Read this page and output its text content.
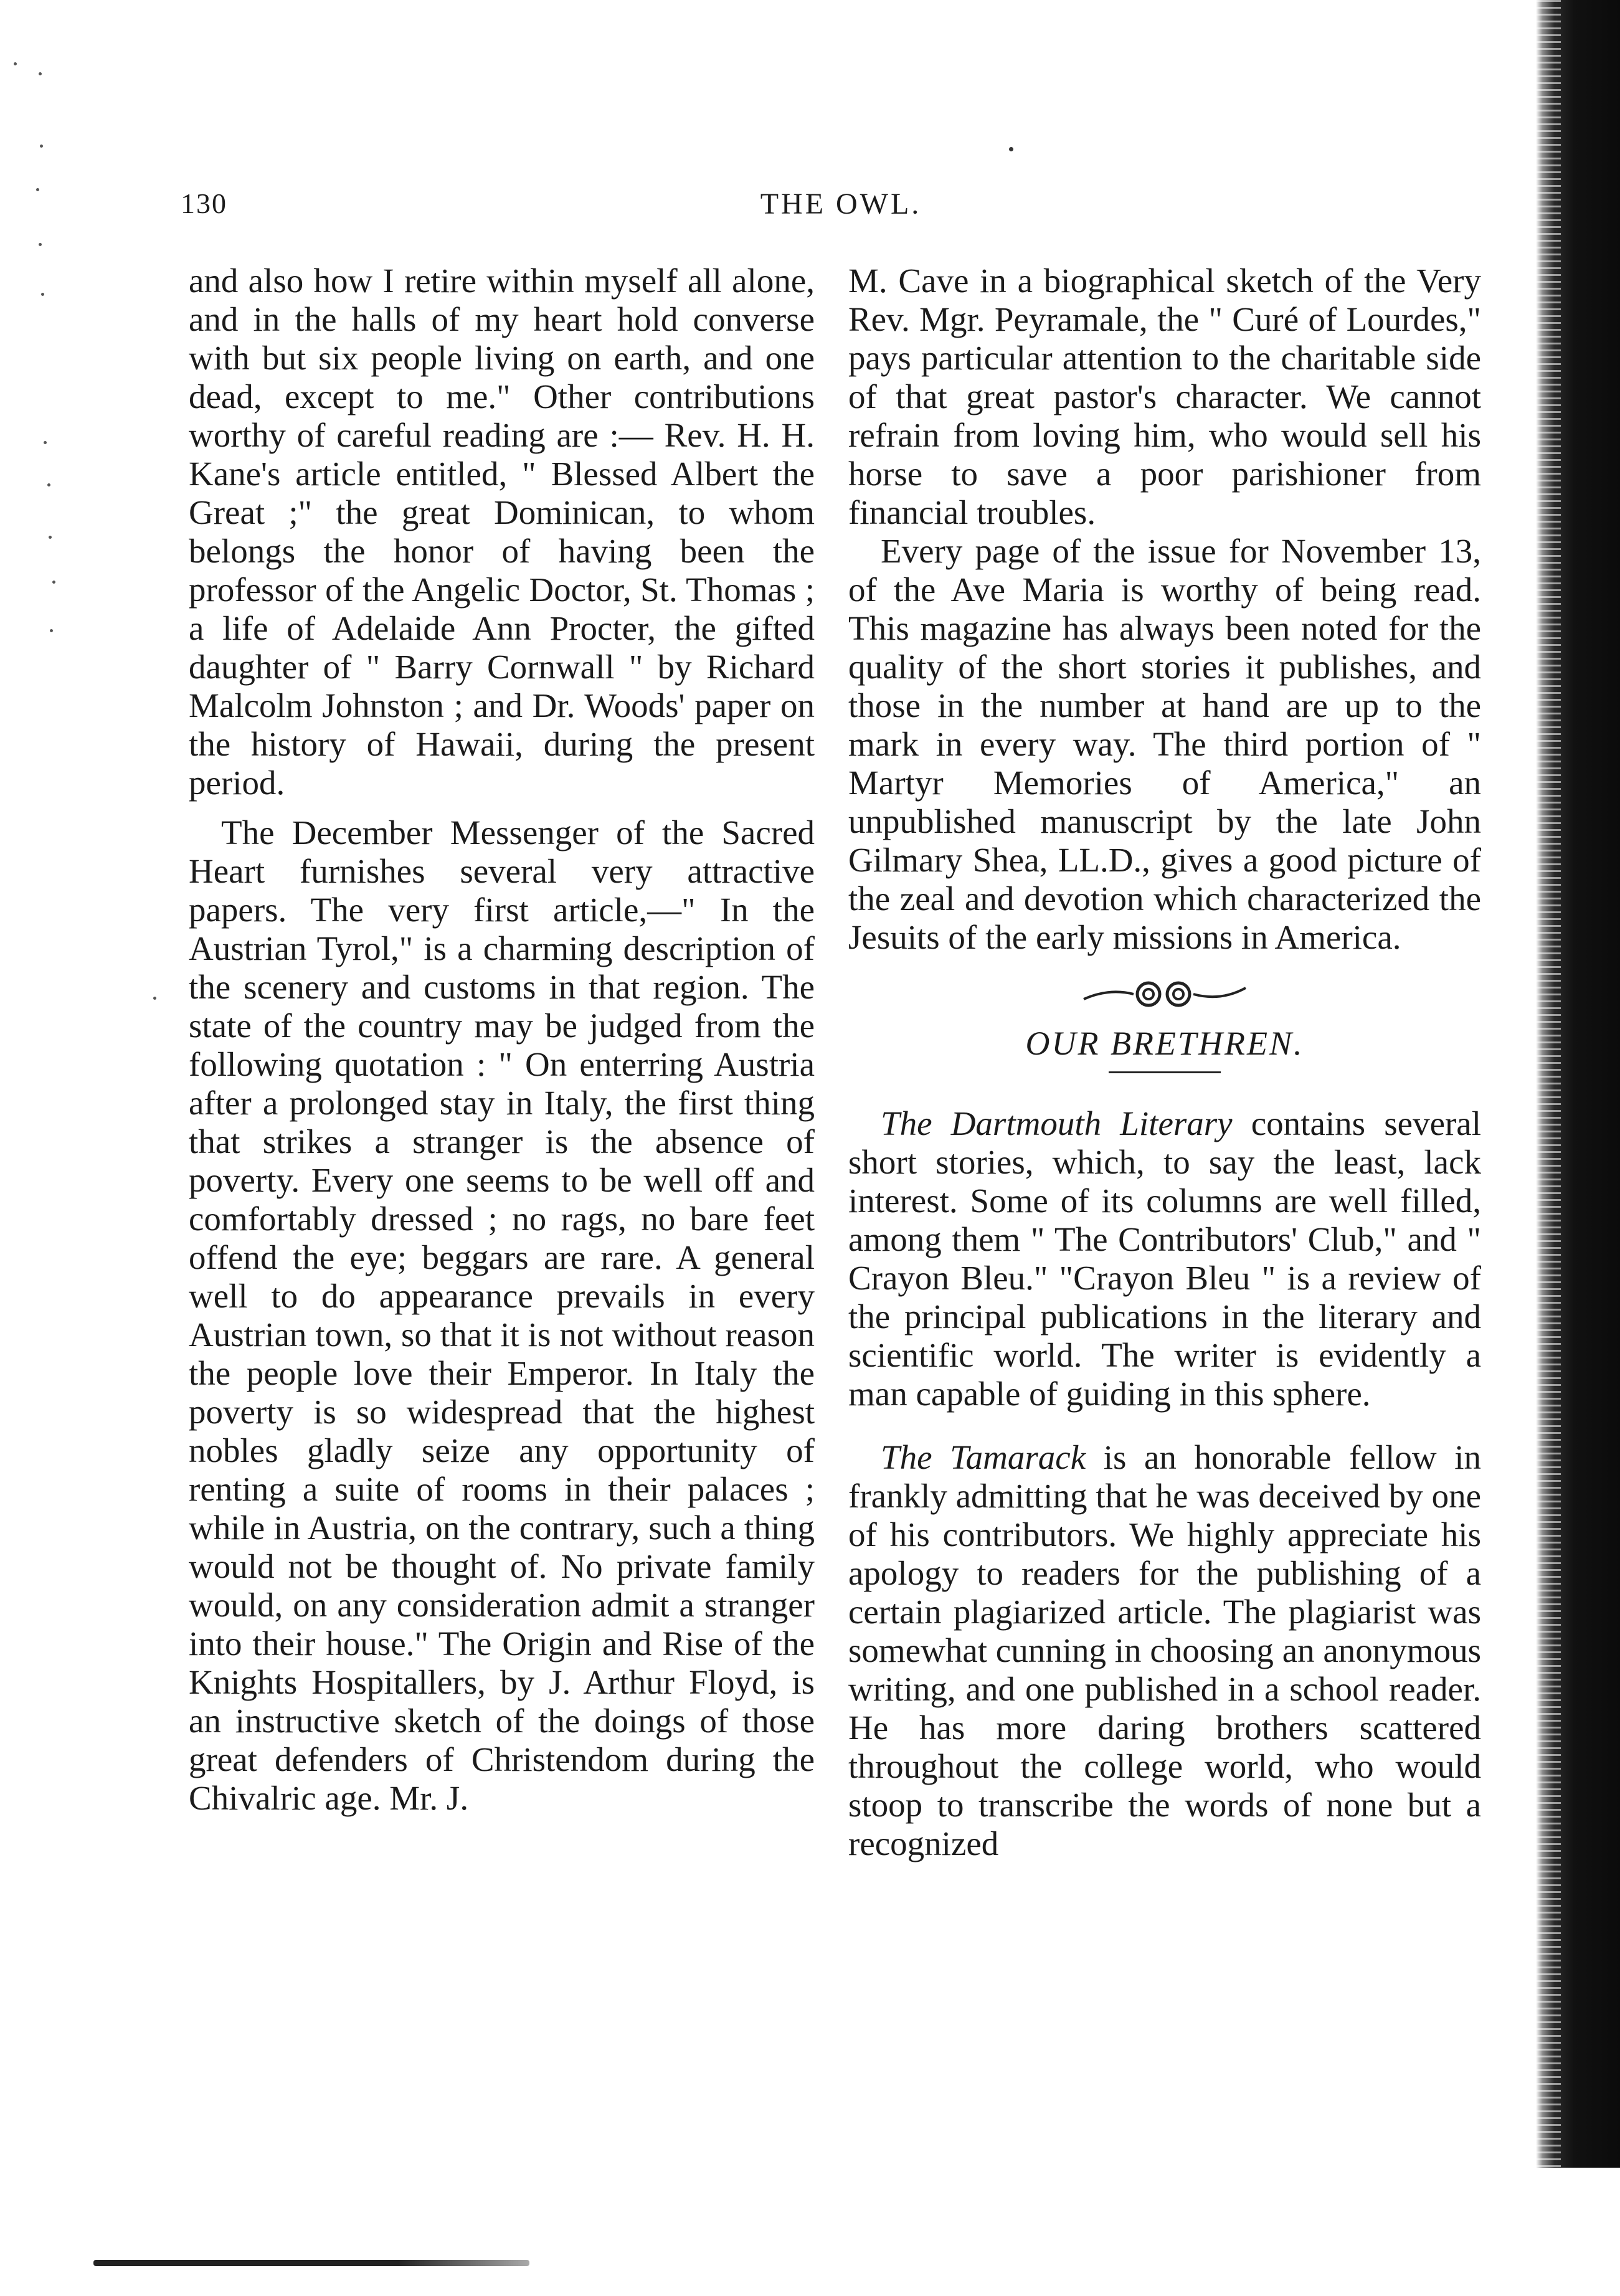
130	THE OWL.

and also how I retire within myself all alone, and in the halls of my heart hold converse with but six people living on earth, and one dead, except to me." Other contributions worthy of careful reading are :— Rev. H. H. Kane's article entitled, " Blessed Albert the Great ;" the great Dominican, to whom belongs the honor of having been the professor of the Angelic Doctor, St. Thomas ; a life of Adelaide Ann Procter, the gifted daughter of " Barry Cornwall " by Richard Malcolm Johnston ; and Dr. Woods' paper on the history of Hawaii, during the present period.

The December Messenger of the Sacred Heart furnishes several very attractive papers. The very first article,—" In the Austrian Tyrol," is a charming description of the scenery and customs in that region. The state of the country may be judged from the following quotation : " On enterring Austria after a prolonged stay in Italy, the first thing that strikes a stranger is the absence of poverty. Every one seems to be well off and comfortably dressed ; no rags, no bare feet offend the eye; beggars are rare. A general well to do appearance prevails in every Austrian town, so that it is not without reason the people love their Emperor. In Italy the poverty is so widespread that the highest nobles gladly seize any opportunity of renting a suite of rooms in their palaces ; while in Austria, on the contrary, such a thing would not be thought of. No private family would, on any consideration admit a stranger into their house." The Origin and Rise of the Knights Hospitallers, by J. Arthur Floyd, is an instructive sketch of the doings of those great defenders of Christendom during the Chivalric age. Mr. J.

M. Cave in a biographical sketch of the Very Rev. Mgr. Peyramale, the " Curé of Lourdes," pays particular attention to the charitable side of that great pastor's character. We cannot refrain from loving him, who would sell his horse to save a poor parishioner from financial troubles.

Every page of the issue for November 13, of the Ave Maria is worthy of being read. This magazine has always been noted for the quality of the short stories it publishes, and those in the number at hand are up to the mark in every way. The third portion of " Martyr Memories of America," an unpublished manuscript by the late John Gilmary Shea, LL.D., gives a good picture of the zeal and devotion which characterized the Jesuits of the early missions in America.

OUR BRETHREN.

The Dartmouth Literary contains several short stories, which, to say the least, lack interest. Some of its columns are well filled, among them " The Contributors' Club," and " Crayon Bleu." "Crayon Bleu " is a review of the principal publications in the literary and scientific world. The writer is evidently a man capable of guiding in this sphere.

The Tamarack is an honorable fellow in frankly admitting that he was deceived by one of his contributors. We highly appreciate his apology to readers for the publishing of a certain plagiarized article. The plagiarist was somewhat cunning in choosing an anonymous writing, and one published in a school reader. He has more daring brothers scattered throughout the college world, who would stoop to transcribe the words of none but a recognized
